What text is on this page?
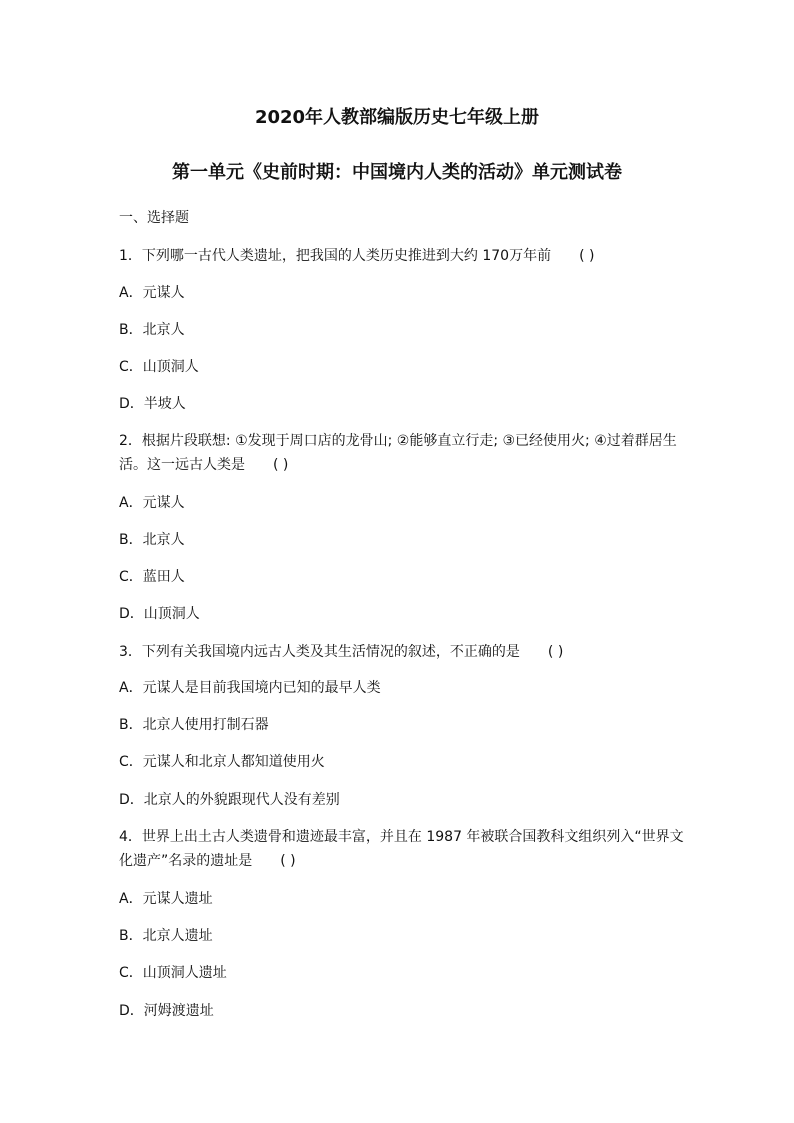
2020年人教部编版历史七年级上册
第一单元《史前时期：中国境内人类的活动》单元测试卷
一、选择题
1．下列哪一古代人类遗址，把我国的人类历史推进到大约 170万年前 ( )
A．元谋人
B．北京人
C．山顶洞人
D．半坡人
2．根据片段联想: ①发现于周口店的龙骨山; ②能够直立行走; ③已经使用火; ④过着群居生
活。这一远古人类是 ( )
A．元谋人
B．北京人
C．蓝田人
D．山顶洞人
3．下列有关我国境内远古人类及其生活情况的叙述，不正确的是 ( )
A．元谋人是目前我国境内已知的最早人类
B．北京人使用打制石器
C．元谋人和北京人都知道使用火
D．北京人的外貌跟现代人没有差别
4．世界上出土古人类遗骨和遗迹最丰富，并且在 1987 年被联合国教科文组织列入“世界文
化遗产”名录的遗址是 ( )
A．元谋人遗址
B．北京人遗址
C．山顶洞人遗址
D．河姆渡遗址
